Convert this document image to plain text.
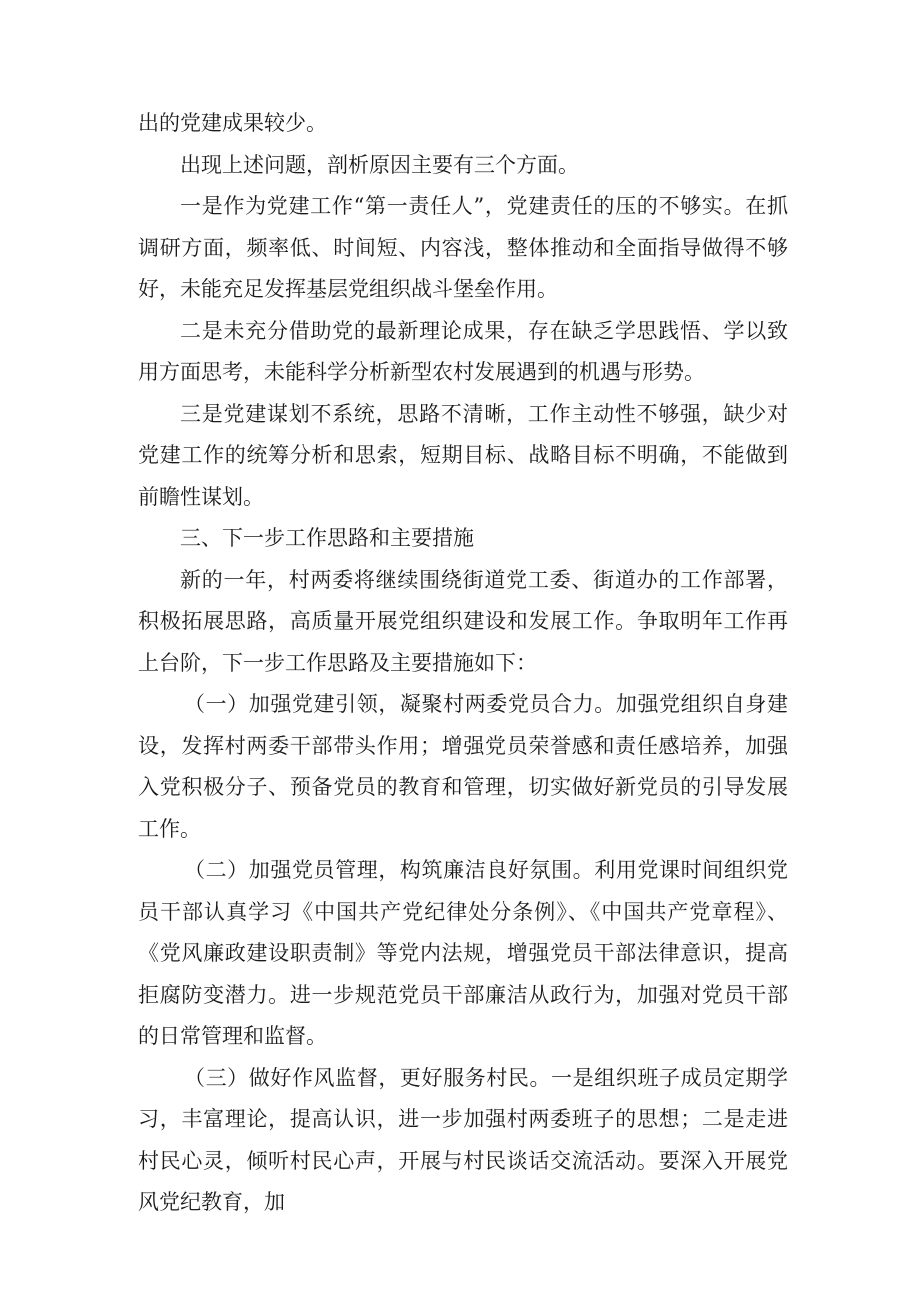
出的党建成果较少。

出现上述问题，剖析原因主要有三个方面。

一是作为党建工作“第一责任人”，党建责任的压的不够实。在抓调研方面，频率低、时间短、内容浅，整体推动和全面指导做得不够好，未能充足发挥基层党组织战斗堡垒作用。

二是未充分借助党的最新理论成果，存在缺乏学思践悟、学以致用方面思考，未能科学分析新型农村发展遇到的机遇与形势。

三是党建谋划不系统，思路不清晰，工作主动性不够强，缺少对党建工作的统筹分析和思索，短期目标、战略目标不明确，不能做到前瞻性谋划。

三、下一步工作思路和主要措施

新的一年，村两委将继续围绕街道党工委、街道办的工作部署，积极拓展思路，高质量开展党组织建设和发展工作。争取明年工作再上台阶，下一步工作思路及主要措施如下：

（一）加强党建引领，凝聚村两委党员合力。加强党组织自身建设，发挥村两委干部带头作用；增强党员荣誉感和责任感培养，加强入党积极分子、预备党员的教育和管理，切实做好新党员的引导发展工作。

（二）加强党员管理，构筑廉洁良好氛围。利用党课时间组织党员干部认真学习《中国共产党纪律处分条例》、《中国共产党章程》、《党风廉政建设职责制》等党内法规，增强党员干部法律意识，提高拒腐防变潜力。进一步规范党员干部廉洁从政行为，加强对党员干部的日常管理和监督。

（三）做好作风监督，更好服务村民。一是组织班子成员定期学习，丰富理论，提高认识，进一步加强村两委班子的思想；二是走进村民心灵，倾听村民心声，开展与村民谈话交流活动。要深入开展党风党纪教育，加
